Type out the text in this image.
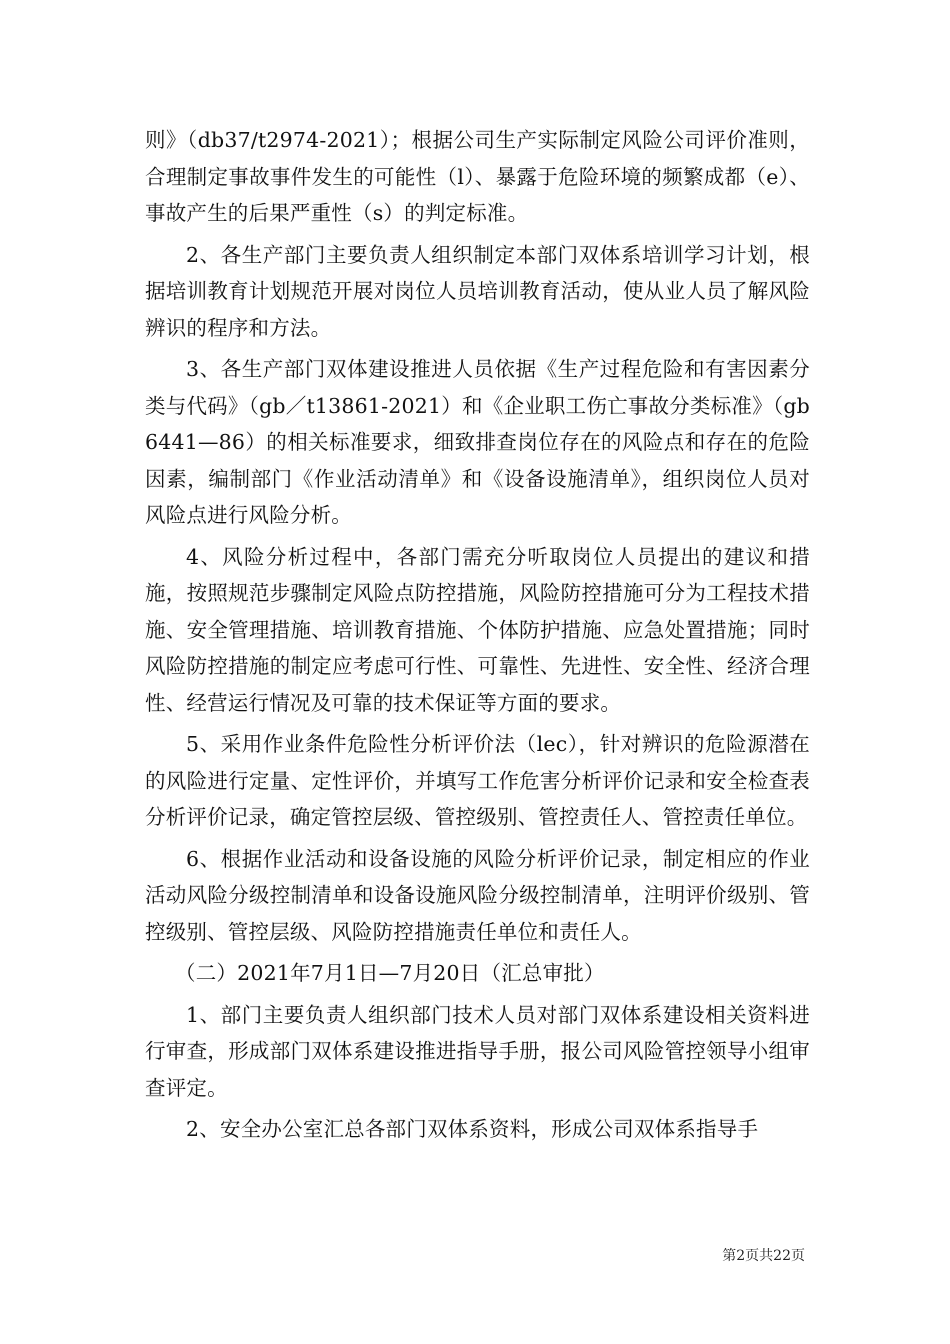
则》（db37/t2974-2021）；根据公司生产实际制定风险公司评价准则，合理制定事故事件发生的可能性（l）、暴露于危险环境的频繁成都（e）、事故产生的后果严重性（s）的判定标准。

2、各生产部门主要负责人组织制定本部门双体系培训学习计划，根据培训教育计划规范开展对岗位人员培训教育活动，使从业人员了解风险辨识的程序和方法。

3、各生产部门双体建设推进人员依据《生产过程危险和有害因素分类与代码》（gb／t13861-2021）和《企业职工伤亡事故分类标准》（gb6441—86）的相关标准要求，细致排查岗位存在的风险点和存在的危险因素，编制部门《作业活动清单》和《设备设施清单》，组织岗位人员对风险点进行风险分析。

4、风险分析过程中，各部门需充分听取岗位人员提出的建议和措施，按照规范步骤制定风险点防控措施，风险防控措施可分为工程技术措施、安全管理措施、培训教育措施、个体防护措施、应急处置措施；同时风险防控措施的制定应考虑可行性、可靠性、先进性、安全性、经济合理性、经营运行情况及可靠的技术保证等方面的要求。

5、采用作业条件危险性分析评价法（lec），针对辨识的危险源潜在的风险进行定量、定性评价，并填写工作危害分析评价记录和安全检查表分析评价记录，确定管控层级、管控级别、管控责任人、管控责任单位。

6、根据作业活动和设备设施的风险分析评价记录，制定相应的作业活动风险分级控制清单和设备设施风险分级控制清单，注明评价级别、管控级别、管控层级、风险防控措施责任单位和责任人。

（二）2021年7月1日—7月20日（汇总审批）

1、部门主要负责人组织部门技术人员对部门双体系建设相关资料进行审查，形成部门双体系建设推进指导手册，报公司风险管控领导小组审查评定。

2、安全办公室汇总各部门双体系资料，形成公司双体系指导手

第2页共22页
